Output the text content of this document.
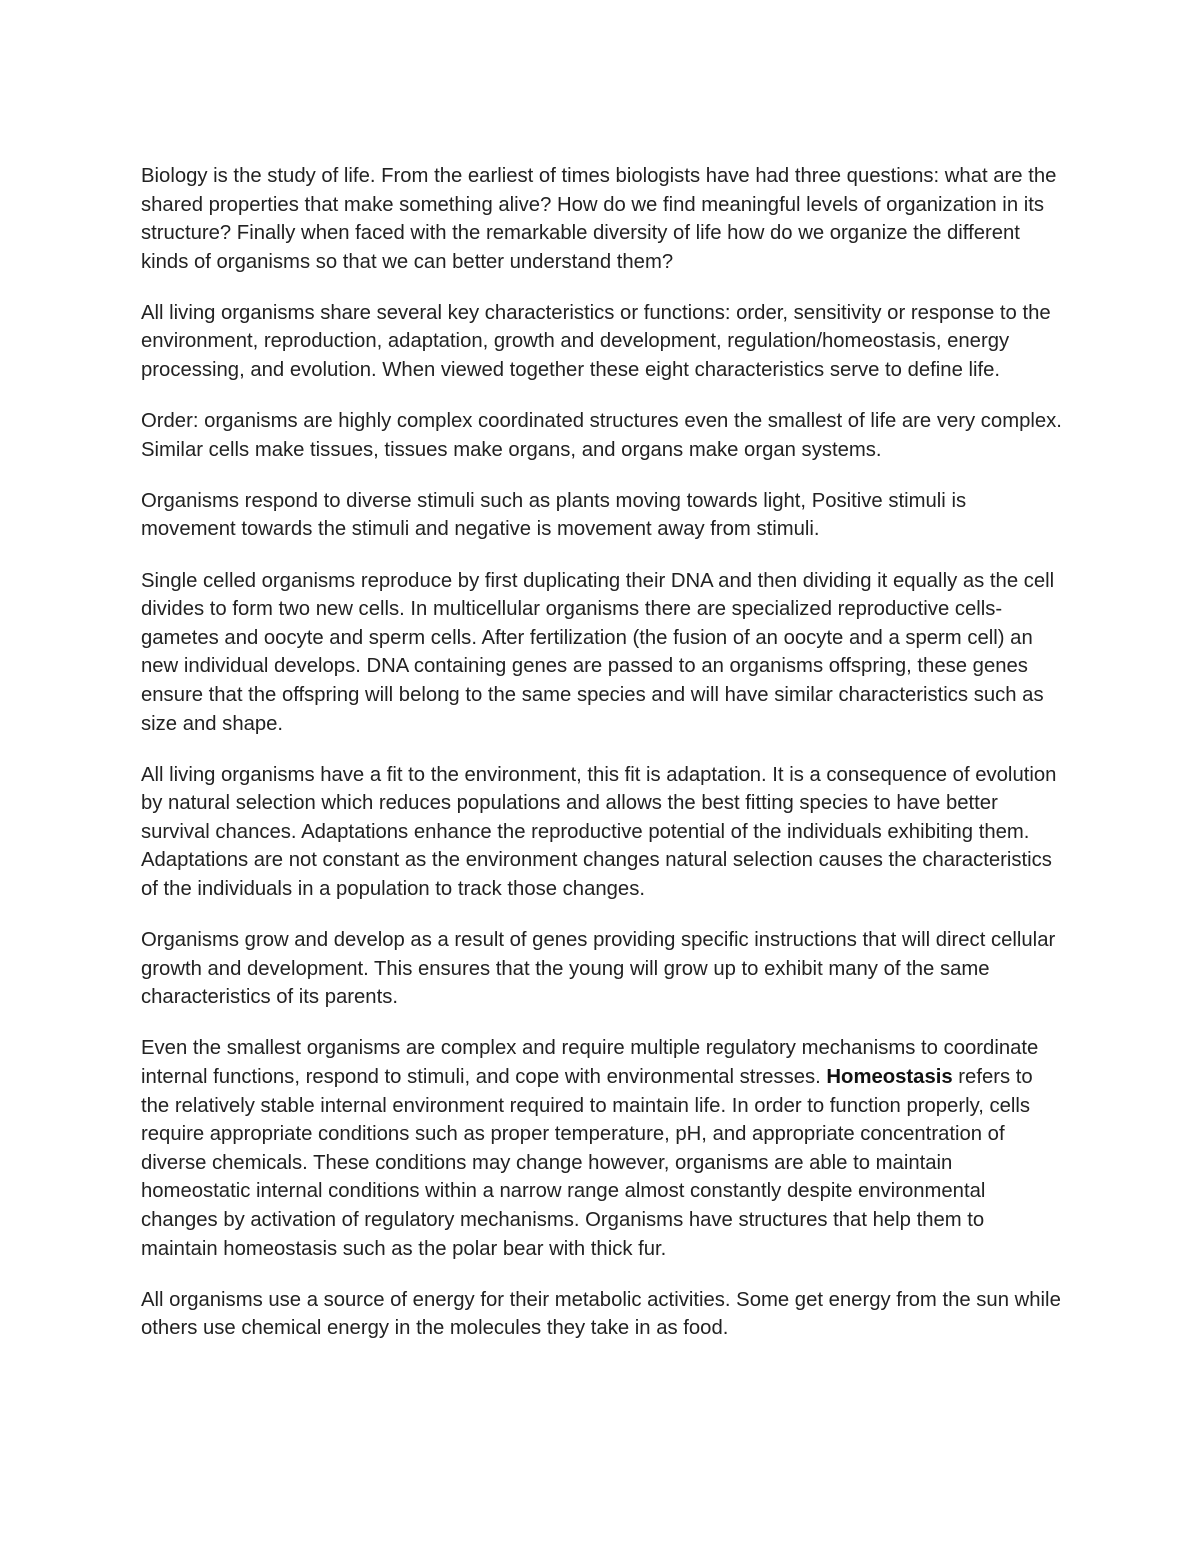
Biology is the study of life. From the earliest of times biologists have had three questions: what are the shared properties that make something alive? How do we find meaningful levels of organization in its structure? Finally when faced with the remarkable diversity of life how do we organize the different kinds of organisms so that we can better understand them?

All living organisms share several key characteristics or functions: order, sensitivity or response to the environment, reproduction, adaptation, growth and development, regulation/homeostasis, energy processing, and evolution. When viewed together these eight characteristics serve to define life.

Order: organisms are highly complex coordinated structures even the smallest of life are very complex. Similar cells make tissues, tissues make organs, and organs make organ systems.

Organisms respond to diverse stimuli such as plants moving towards light, Positive stimuli is movement towards the stimuli and negative is movement away from stimuli.

Single celled organisms reproduce by first duplicating their DNA and then dividing it equally as the cell divides to form two new cells. In multicellular organisms there are specialized reproductive cells- gametes and oocyte and sperm cells. After fertilization (the fusion of an oocyte and a sperm cell) an new individual develops. DNA containing genes are passed to an organisms offspring, these genes ensure that the offspring will belong to the same species and will have similar characteristics such as size and shape.

All living organisms have a fit to the environment, this fit is adaptation. It is a consequence of evolution by natural selection which reduces populations and allows the best fitting species to have better survival chances. Adaptations enhance the reproductive potential of the individuals exhibiting them. Adaptations are not constant as the environment changes natural selection causes the characteristics of the individuals in a population to track those changes.

Organisms grow and develop as a result of genes providing specific instructions that will direct cellular growth and development. This ensures that the young will grow up to exhibit many of the same characteristics of its parents.

Even the smallest organisms are complex and require multiple regulatory mechanisms to coordinate internal functions, respond to stimuli, and cope with environmental stresses. Homeostasis refers to the relatively stable internal environment required to maintain life. In order to function properly, cells require appropriate conditions such as proper temperature, pH, and appropriate concentration of diverse chemicals. These conditions may change however, organisms are able to maintain homeostatic internal conditions within a narrow range almost constantly despite environmental changes by activation of regulatory mechanisms. Organisms have structures that help them to maintain homeostasis such as the polar bear with thick fur.

All organisms use a source of energy for their metabolic activities. Some get energy from the sun while others use chemical energy in the molecules they take in as food.
